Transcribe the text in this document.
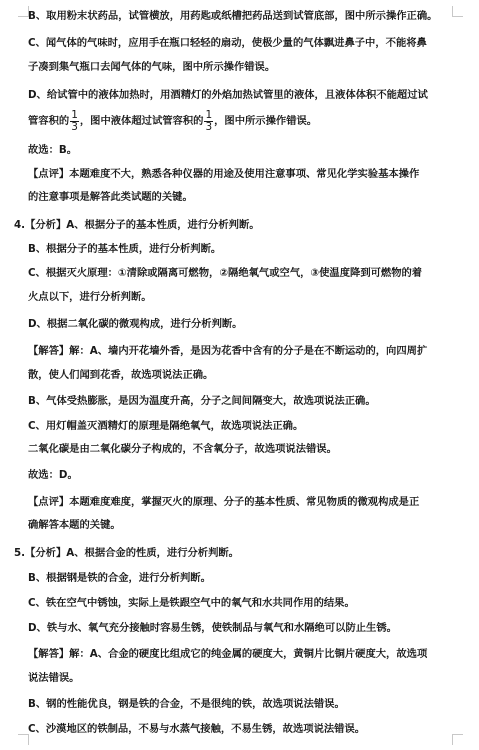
B、取用粉末状药品，试管横放，用药匙或纸槽把药品送到试管底部，图中所示操作正确。
C、闻气体的气味时，应用手在瓶口轻轻的扇动，使极少量的气体飘进鼻子中，不能将鼻
子凑到集气瓶口去闻气体的气味，图中所示操作错误。
D、给试管中的液体加热时，用酒精灯的外焰加热试管里的液体，且液体体积不能超过试
管容积的 $\frac{1}{3}$ ，图中液体超过试管容积的 $\frac{1}{3}$ ，图中所示操作错误。
故选：B。
【点评】本题难度不大，熟悉各种仪器的用途及使用注意事项、常见化学实验基本操作
的注意事项是解答此类试题的关键。
4.【分析】A、根据分子的基本性质，进行分析判断。
B、根据分子的基本性质，进行分析判断。
C、根据灭火原理：①清除或隔离可燃物，②隔绝氧气或空气，③使温度降到可燃物的着
火点以下，进行分析判断。
D、根据二氧化碳的微观构成，进行分析判断。
【解答】解：A、墙内开花墙外香，是因为花香中含有的分子是在不断运动的，向四周扩
散，使人们闻到花香，故选项说法正确。
B、气体受热膨胀，是因为温度升高，分子之间间隔变大，故选项说法正确。
C、用灯帽盖灭酒精灯的原理是隔绝氧气，故选项说法正确。
二氧化碳是由二氧化碳分子构成的，不含氧分子，故选项说法错误。
故选：D。
【点评】本题难度难度，掌握灭火的原理、分子的基本性质、常见物质的微观构成是正
确解答本题的关键。
5.【分析】A、根据合金的性质，进行分析判断。
B、根据钢是铁的合金，进行分析判断。
C、铁在空气中锈蚀，实际上是铁跟空气中的氧气和水共同作用的结果。
D、铁与水、氧气充分接触时容易生锈，使铁制品与氧气和水隔绝可以防止生锈。
【解答】解：A、合金的硬度比组成它的纯金属的硬度大，黄铜片比铜片硬度大，故选项
说法错误。
B、钢的性能优良，钢是铁的合金，不是很纯的铁，故选项说法错误。
C、沙漠地区的铁制品，不易与水蒸气接触，不易生锈，故选项说法错误。
